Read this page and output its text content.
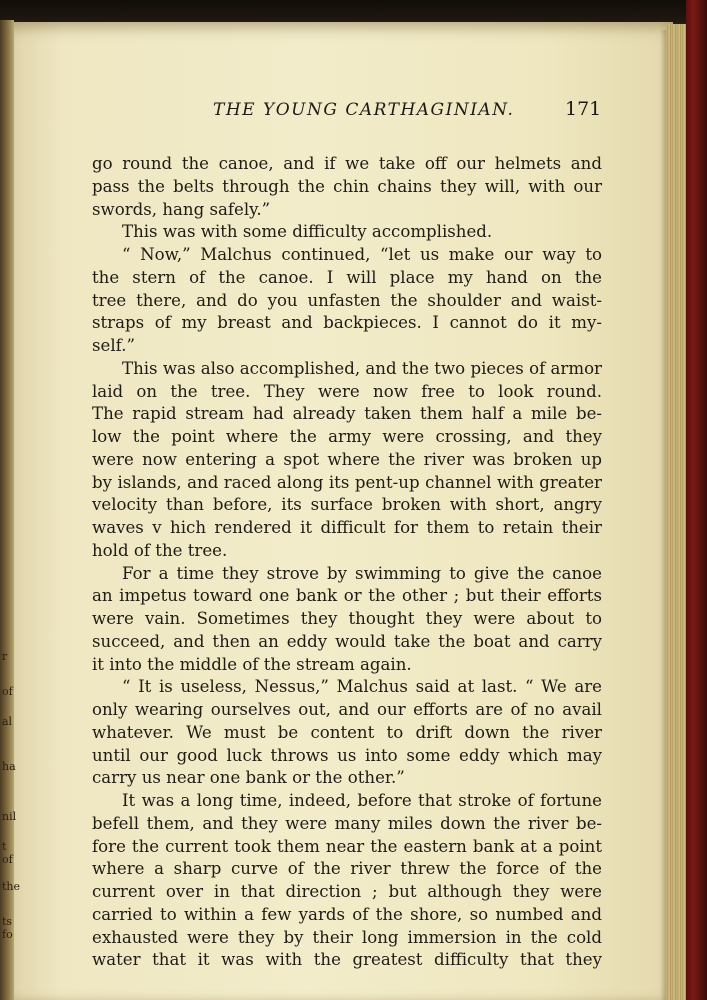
THE YOUNG CARTHAGINIAN.	171
go round the canoe, and if we take off our helmets and
pass the belts through the chin chains they will, with our
swords, hang safely.”
This was with some difficulty accomplished.
“ Now,” Malchus continued, “let us make our way to
the stern of the canoe. I will place my hand on the
tree there, and do you unfasten the shoulder and waist-
straps of my breast and backpieces. I cannot do it my-
self.”
This was also accomplished, and the two pieces of armor
laid on the tree. They were now free to look round.
The rapid stream had already taken them half a mile be-
low the point where the army were crossing, and they
were now entering a spot where the river was broken up
by islands, and raced along its pent-up channel with greater
velocity than before, its surface broken with short, angry
waves v hich rendered it difficult for them to retain their
hold of the tree.
For a time they strove by swimming to give the canoe
an impetus toward one bank or the other ; but their efforts
were vain. Sometimes they thought they were about to
succeed, and then an eddy would take the boat and carry
it into the middle of the stream again.
“ It is useless, Nessus,” Malchus said at last. “ We are
only wearing ourselves out, and our efforts are of no avail
whatever. We must be content to drift down the river
until our good luck throws us into some eddy which may
carry us near one bank or the other.”
It was a long time, indeed, before that stroke of fortune
befell them, and they were many miles down the river be-
fore the current took them near the eastern bank at a point
where a sharp curve of the river threw the force of the
current over in that direction ; but although they were
carried to within a few yards of the shore, so numbed and
exhausted were they by their long immersion in the cold
water that it was with the greatest difficulty that they
r
of
al
ha
nil
t of
the
ts fo
